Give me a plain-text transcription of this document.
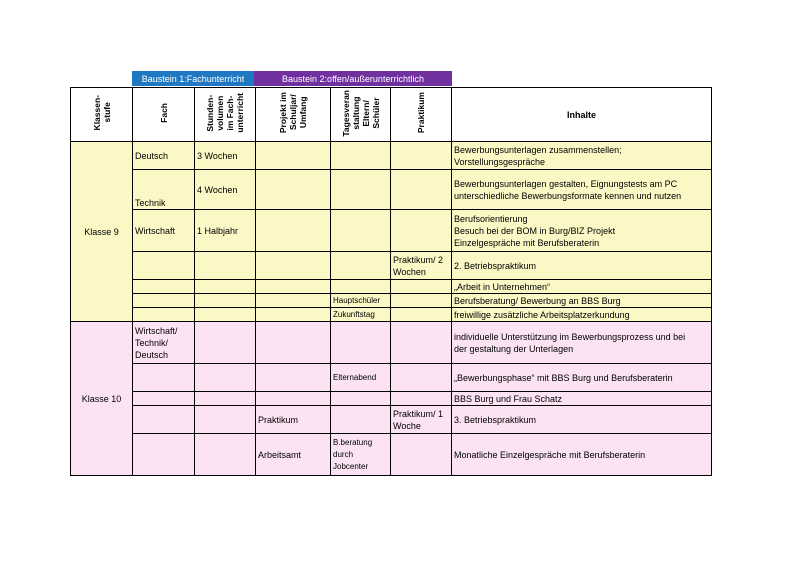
Baustein 1:Fachunterricht	Baustein 2:offen/außerunterrichtlich
Klassen-
stufe	Fach	Stunden-
volumen
im Fach-
unterricht	Projekt im
Schuljar/
Umfang	Tagesveran
staltung
Eltern/
Schüler	Praktikum	Inhalte
Klasse 9	Deutsch	3 Wochen				Bewerbungsunterlagen zusammenstellen;
Vorstellungsgespräche
	Technik	4 Wochen				Bewerbungsunterlagen gestalten, Eignungstests am PC
unterschiedliche Bewerbungsformate kennen und nutzen
	Wirtschaft	1 Halbjahr				Berufsorientierung
Besuch bei der BOM in Burg/BIZ Projekt
Einzelgespräche mit Berufsberaterin
					Praktikum/ 2
Wochen	2. Betriebspraktikum
						„Arbeit in Unternehmen“
				Hauptschüler		Berufsberatung/ Bewerbung an BBS Burg
				Zukunftstag		freiwillige zusätzliche Arbeitsplatzerkundung
Klasse 10	Wirtschaft/
Technik/
Deutsch					individuelle Unterstützung im Bewerbungsprozess und bei
der gestaltung der Unterlagen
				Elternabend		„Bewerbungsphase“ mit BBS Burg und Berufsberaterin
						BBS Burg und Frau Schatz
			Praktikum		Praktikum/ 1
Woche	3. Betriebspraktikum
			Arbeitsamt	B.beratung
durch
Jobcenter		Monatliche Einzelgespräche mit Berufsberaterin
